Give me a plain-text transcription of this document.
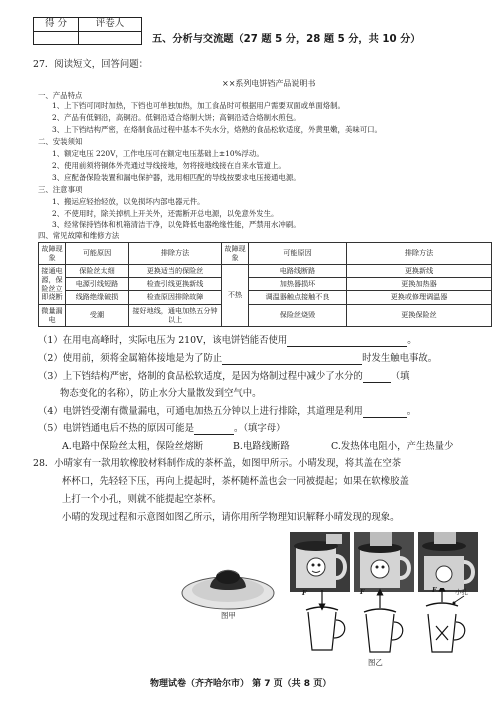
得 分	评卷人
五、分析与交流题（27 题 5 分，28 题 5 分，共 10 分）
27．阅读短文，回答问题：
××系列电饼铛产品说明书
一、产品特点
1、上下铛可同时加热，下铛也可单独加热，加工食品时可根据用户需要双面或单面烙制。
2、产品有低铜沿，高铜沿。低铜沿适合烙制大饼；高铜沿适合烙制水煎包。
3、上下铛结构严密，在烙制食品过程中基本不失水分，烙熟的食品松软适度，外黄里嫩，美味可口。
二、安装须知
1、额定电压 220V，工作电压可在额定电压基础上±10%浮动。
2、使用前须将铜体外壳通过导线接地，勿将接地线接在自来水管道上。
3、应配备保险装置和漏电保护器，选用相匹配的导线按要求电压接通电源。
三、注意事项
1、搬运应轻抬轻放，以免损坏内部电器元件。
2、不使用时，除关掉机上开关外，还需断开总电源，以免意外发生。
3、经常保持铛体和机箱清洁干净，以免降低电器绝缘性能，严禁用水冲刷。
四、常见故障和维修方法
故障现象	可能原因	排除方法	故障现象	可能原因	排除方法
接通电源，保险丝立即烧断	保险丝太细	更换适当的保险丝	不热	电路线断路	更换新线
	电源引线短路	检查引线更换新线		加热器损坏	更换加热器
	线路绝缘破损	检查原因排除故障		调温器触点接触不良	更换或修理调温器
微量漏电	受潮	接好地线，通电加热五分钟以上		保险丝烧毁	更换保险丝

（1）在用电高峰时，实际电压为 210V，该电饼铛能否使用	。
（2）使用前，须将金属箱体接地是为了防止	时发生触电事故。
（3）上下铛结构严密，烙制的食品松软适度，是因为烙制过程中减少了水分的	（填
物态变化的名称），防止水分大量散发到空气中。
（4）电饼铛受潮有微量漏电，可通电加热五分钟以上进行排除，其道理是利用	。
（5）电饼铛通电后不热的原因可能是	。（填字母）
A.电路中保险丝太粗，保险丝熔断	B.电路线断路	C.发热体电阻小，产生热量少
28．小晴家有一款用软橡胶材料制作成的茶杯盖，如图甲所示。小晴发现，将其盖在空茶
杯杯口，先轻轻下压，再向上提起时，茶杯随杯盖也会一同被提起；如果在软橡胶盖
上打一个小孔，则就不能提起空茶杯。
小晴的发现过程和示意图如图乙所示，请你用所学物理知识解释小晴发现的现象。
图甲
F	F	F	小孔
图乙
物理试卷（齐齐哈尔市） 第 7 页（共 8 页）
